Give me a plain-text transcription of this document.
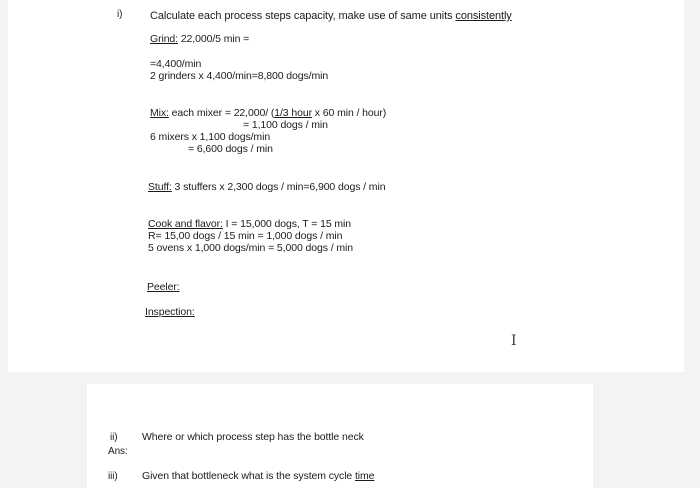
i)	Calculate each process steps capacity, make use of same units consistently
Grind: 22,000/5 min =
=4,400/min
2 grinders x 4,400/min=8,800 dogs/min
Mix: each mixer = 22,000/ (1/3 hour x 60 min / hour)
= 1,100 dogs / min
6 mixers x 1,100 dogs/min
= 6,600 dogs / min
Stuff: 3 stuffers x 2,300 dogs / min=6,900 dogs / min
Cook and flavor: I = 15,000 dogs, T = 15 min
R= 15,00 dogs / 15 min = 1,000 dogs / min
5 ovens x 1,000 dogs/min = 5,000 dogs / min
Peeler:
Inspection:
I
ii) Where or which process step has the bottle neck
Ans:
iii) Given that bottleneck what is the system cycle time
